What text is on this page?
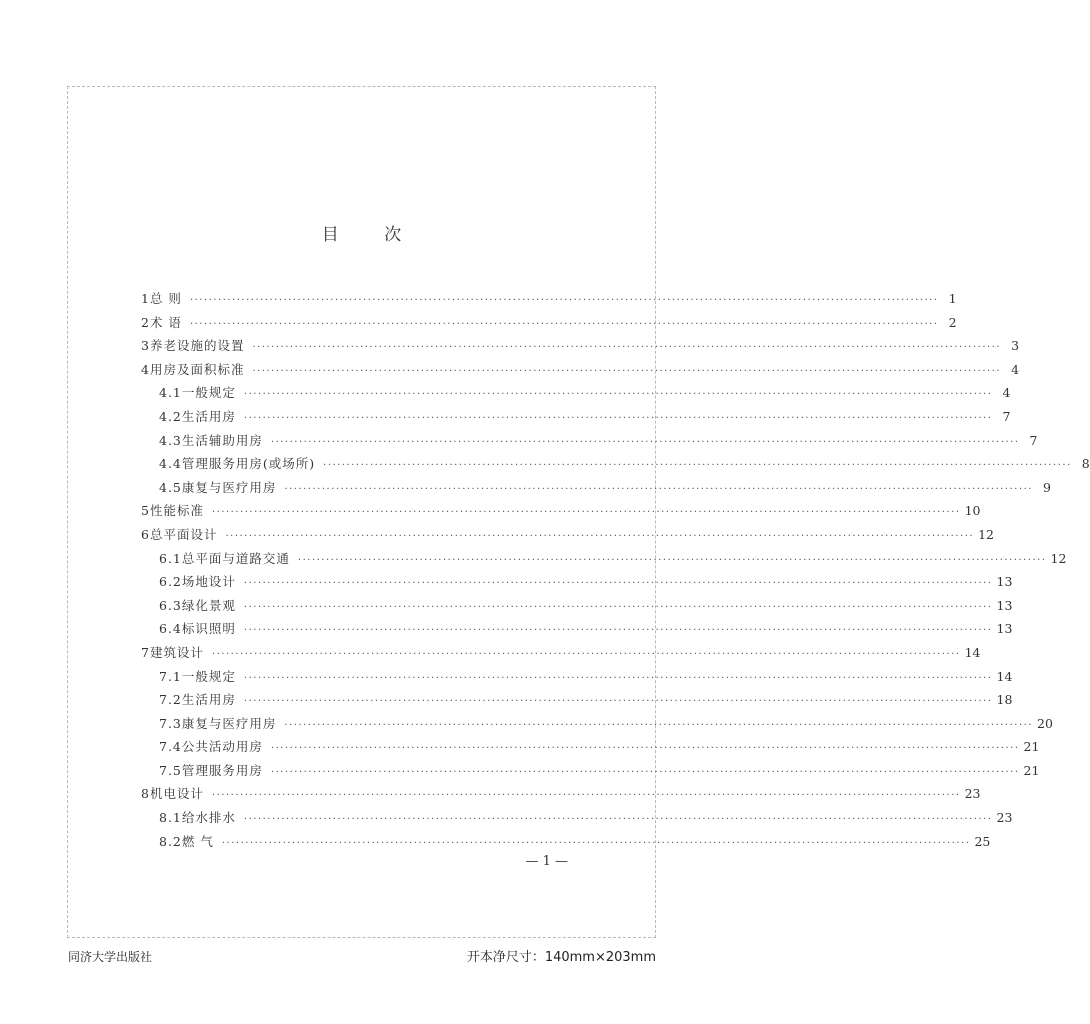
目 次
1 总 则 ································································································································································ 1
2 术 语 ································································································································································ 2
3 养老设施的设置 ································································································································································ 3
4 用房及面积标准 ································································································································································ 4
4.1 一般规定 ································································································································································ 4
4.2 生活用房 ································································································································································ 7
4.3 生活辅助用房 ································································································································································ 7
4.4 管理服务用房(或场所) ································································································································································ 8
4.5 康复与医疗用房 ································································································································································ 9
5 性能标准 ································································································································································ 10
6 总平面设计 ································································································································································ 12
6.1 总平面与道路交通 ································································································································································ 12
6.2 场地设计 ································································································································································ 13
6.3 绿化景观 ································································································································································ 13
6.4 标识照明 ································································································································································ 13
7 建筑设计 ································································································································································ 14
7.1 一般规定 ································································································································································ 14
7.2 生活用房 ································································································································································ 18
7.3 康复与医疗用房 ································································································································································ 20
7.4 公共活动用房 ································································································································································ 21
7.5 管理服务用房 ································································································································································ 21
8 机电设计 ································································································································································ 23
8.1 给水排水 ································································································································································ 23
8.2 燃 气 ································································································································································ 25
— 1 —
同济大学出版社	开本净尺寸：140mm×203mm
